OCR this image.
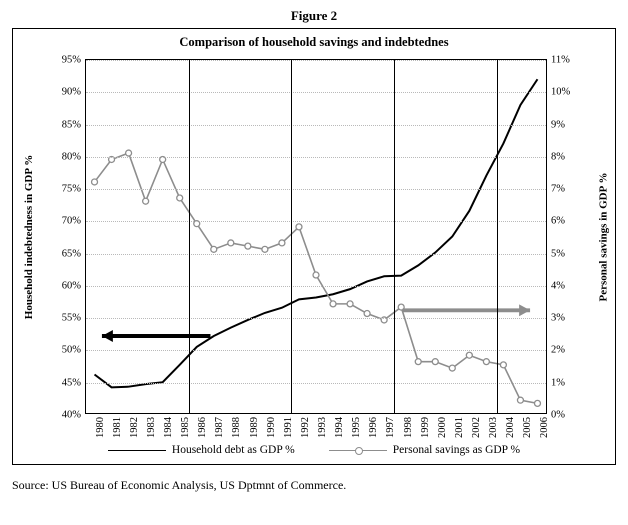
Figure 2
Comparison of household savings and indebtednes
Household indebtedness in GDP %	Personal savings in GDP %
40%
45%
50%
55%
60%
65%
70%
75%
80%
85%
90%
95%
0%
1%
2%
3%
4%
5%
6%
7%
8%
9%
10%
11%
1980 1981 1982 1983 1984 1985 1986 1987 1988 1989 1990 1991 1992 1993 1994 1995 1996 1997 1998 1999 2000 2001 2002 2003 2004 2005 2006
Household debt as GDP %	Personal savings as GDP %
Source: US Bureau of Economic Analysis, US Dptmnt of Commerce.
